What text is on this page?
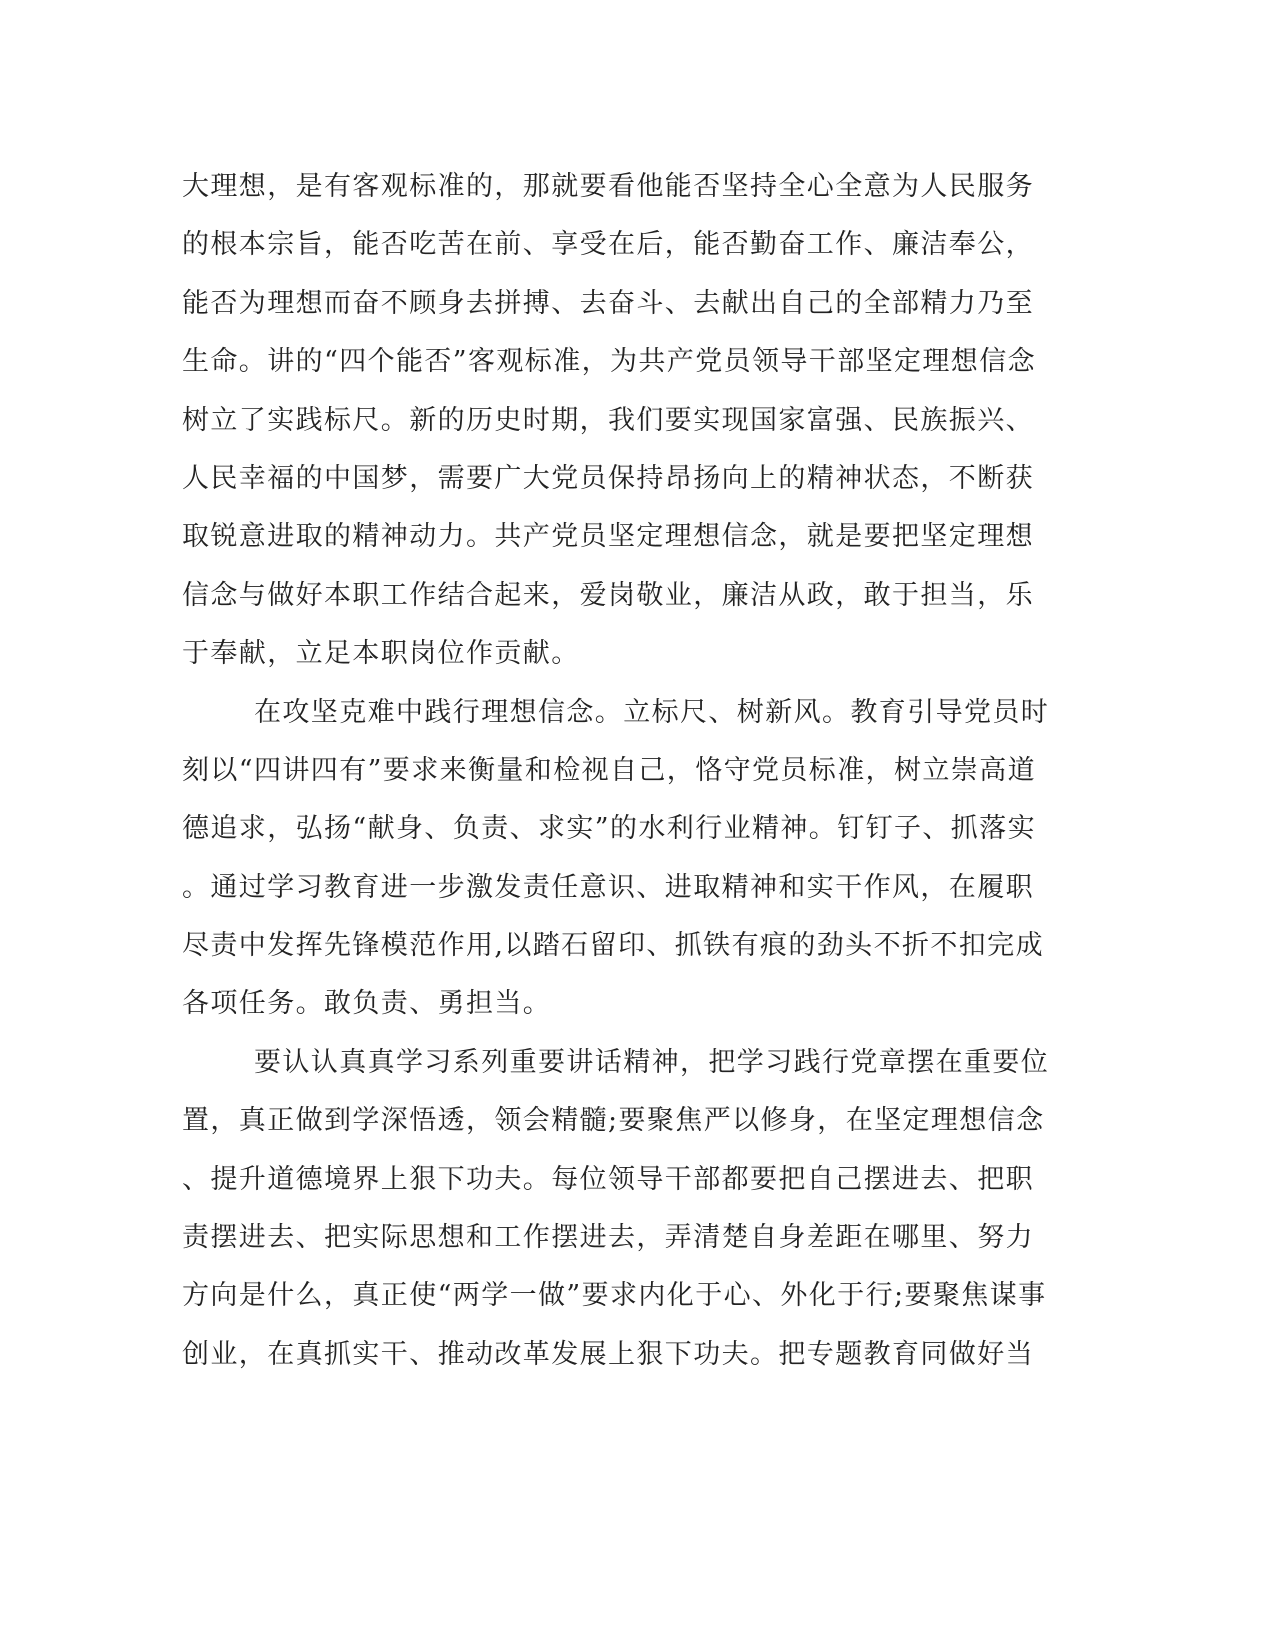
大理想，是有客观标准的，那就要看他能否坚持全心全意为人民服务
的根本宗旨，能否吃苦在前、享受在后，能否勤奋工作、廉洁奉公，
能否为理想而奋不顾身去拼搏、去奋斗、去献出自己的全部精力乃至
生命。讲的“四个能否”客观标准，为共产党员领导干部坚定理想信念
树立了实践标尺。新的历史时期，我们要实现国家富强、民族振兴、
人民幸福的中国梦，需要广大党员保持昂扬向上的精神状态，不断获
取锐意进取的精神动力。共产党员坚定理想信念，就是要把坚定理想
信念与做好本职工作结合起来，爱岗敬业，廉洁从政，敢于担当，乐
于奉献，立足本职岗位作贡献。
在攻坚克难中践行理想信念。立标尺、树新风。教育引导党员时
刻以“四讲四有”要求来衡量和检视自己，恪守党员标准，树立崇高道
德追求，弘扬“献身、负责、求实”的水利行业精神。钉钉子、抓落实
。通过学习教育进一步激发责任意识、进取精神和实干作风，在履职
尽责中发挥先锋模范作用,以踏石留印、抓铁有痕的劲头不折不扣完成
各项任务。敢负责、勇担当。
要认认真真学习系列重要讲话精神，把学习践行党章摆在重要位
置，真正做到学深悟透，领会精髓;要聚焦严以修身，在坚定理想信念
、提升道德境界上狠下功夫。每位领导干部都要把自己摆进去、把职
责摆进去、把实际思想和工作摆进去，弄清楚自身差距在哪里、努力
方向是什么，真正使“两学一做”要求内化于心、外化于行;要聚焦谋事
创业，在真抓实干、推动改革发展上狠下功夫。把专题教育同做好当
